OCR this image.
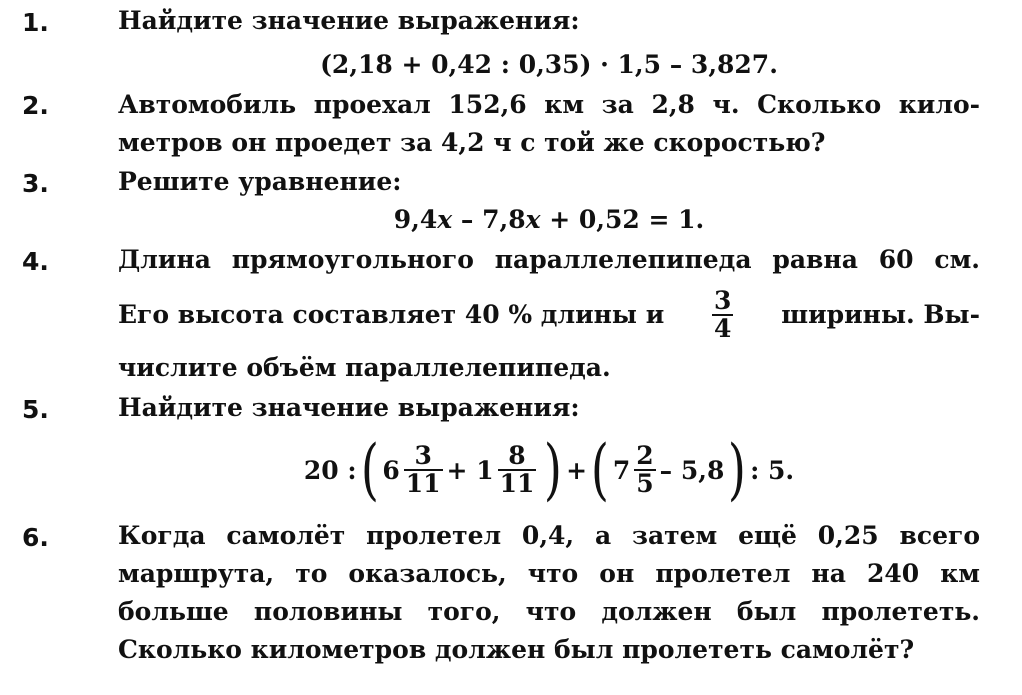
1.	Найдите значение выражения:
(2,18 + 0,42 : 0,35) · 1,5 – 3,827.
2.	Автомобиль проехал 152,6 км за 2,8 ч. Сколько кило-
метров он проедет за 4,2 ч с той же скоростью?
3.	Решите уравнение:
9,4x – 7,8x + 0,52 = 1.
4.	Длина прямоугольного параллелепипеда равна 60 см.
Его высота составляет 40 % длины и $\frac{3}{4}$ ширины. Вы-
числите объём параллелепипеда.
5.	Найдите значение выражения:
20 : ( $6 \frac{3}{11} + 1 \frac{8}{11}$ ) + ( $7 \frac{2}{5} - 5,8$ ) : 5.
6.	Когда самолёт пролетел 0,4, а затем ещё 0,25 всего
маршрута, то оказалось, что он пролетел на 240 км
больше половины того, что должен был пролететь.
Сколько километров должен был пролететь самолёт?
